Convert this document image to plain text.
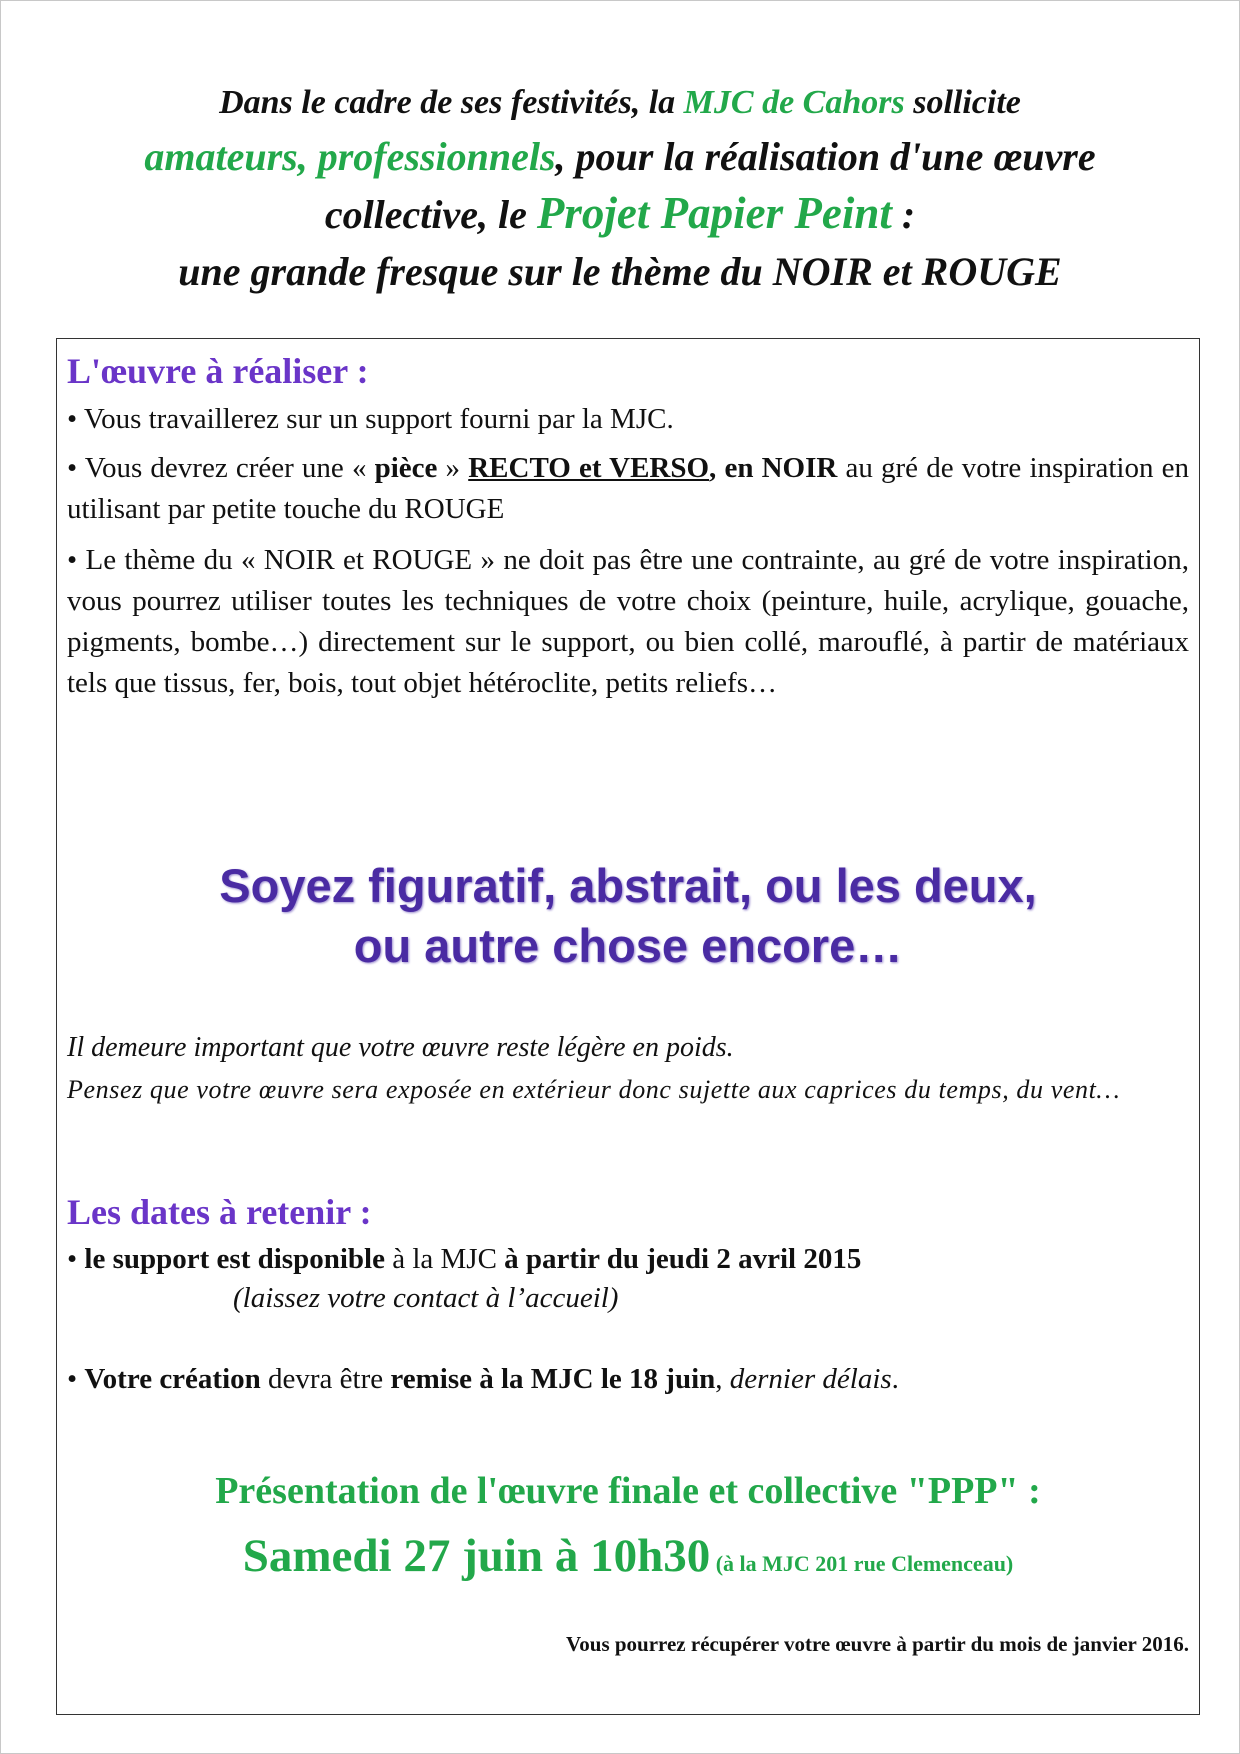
Dans le cadre de ses festivités, la MJC de Cahors sollicite
amateurs, professionnels, pour la réalisation d'une œuvre
collective, le Projet Papier Peint :
une grande fresque sur le thème du NOIR et ROUGE
L'œuvre à réaliser :
• Vous travaillerez sur un support fourni par la MJC.
• Vous devrez créer une « pièce » RECTO et VERSO, en NOIR au gré de votre inspiration en utilisant par petite touche du ROUGE
• Le thème du « NOIR et ROUGE » ne doit pas être une contrainte, au gré de votre inspiration, vous pourrez utiliser toutes les techniques de votre choix (peinture, huile, acrylique, gouache, pigments, bombe…) directement sur le support, ou bien collé, marouflé, à partir de matériaux tels que tissus, fer, bois, tout objet hétéroclite, petits reliefs…
Soyez figuratif, abstrait, ou les deux,
ou autre chose encore…
Il demeure important que votre œuvre reste légère en poids.
Pensez que votre œuvre sera exposée en extérieur donc sujette aux caprices du temps, du vent…
Les dates à retenir :
• le support est disponible à la MJC à partir du jeudi 2 avril 2015
(laissez votre contact à l’accueil)
• Votre création devra être remise à la MJC le 18 juin, dernier délais.
Présentation de l'œuvre finale et collective "PPP" :
Samedi 27 juin à 10h30 (à la MJC 201 rue Clemenceau)
Vous pourrez récupérer votre œuvre à partir du mois de janvier 2016.
